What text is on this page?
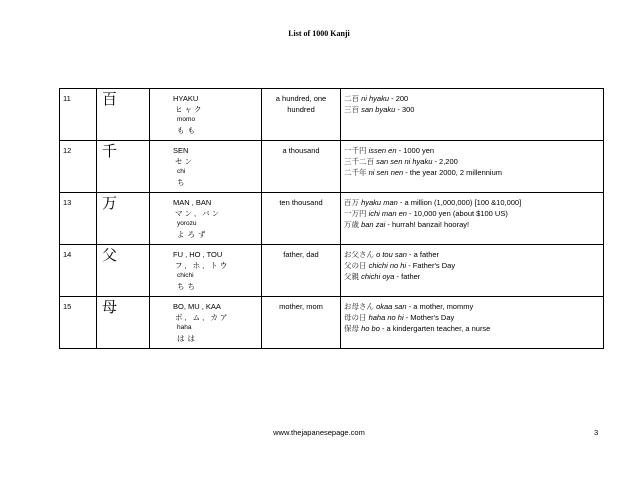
List of 1000 Kanji
11	百	HYAKU
ヒャク
momo
もも	a hundred, one hundred	二百 ni hyaku - 200
三百 san byaku - 300

12	千	SEN
セン
chi
ち	a thousand	一千円 issen en - 1000 yen
三千二百 san sen ni hyaku - 2,200
二千年 ni sen nen - the year 2000, 2 millennium

13	万	MAN , BAN
マン, バン
yorozu
よろず	ten thousand	百万 hyaku man - a million (1,000,000) [100 &10,000]
一万円 ichi man en - 10,000 yen (about $100 US)
万歳 ban zai - hurrah! banzai! hooray!

14	父	FU , HO , TOU
フ, ホ, トウ
chichi
ちち	father, dad	お父さん o tou san - a father
父の日 chichi no hi - Father's Day
父親 chichi oya - father

15	母	BO, MU , KAA
ボ, ム, カア
haha
はは	mother, mom	お母さん okaa san - a mother, mommy
母の日 haha no hi - Mother's Day
保母 ho bo - a kindergarten teacher, a nurse
www.thejapanesepage.com	3
